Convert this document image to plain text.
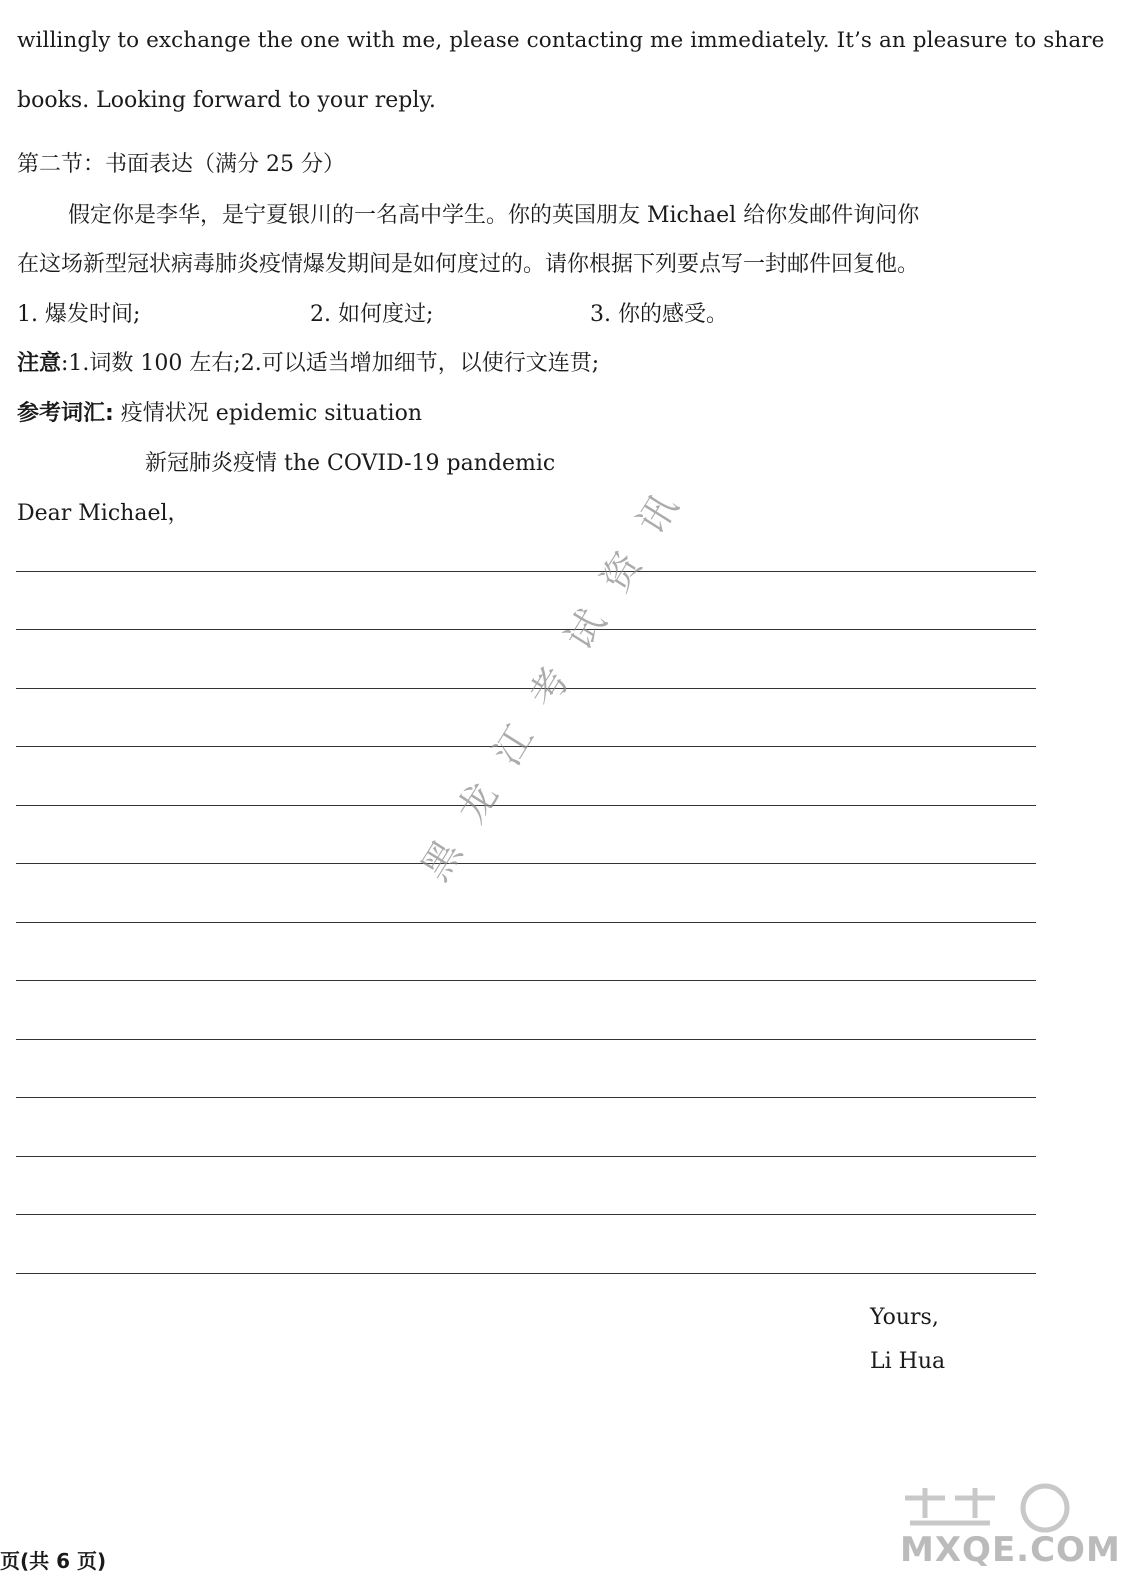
willingly to exchange the one with me, please contacting me immediately. It’s an pleasure to share
books. Looking forward to your reply.
第二节：书面表达（满分 25 分）
假定你是李华，是宁夏银川的一名高中学生。你的英国朋友 Michael 给你发邮件询问你
在这场新型冠状病毒肺炎疫情爆发期间是如何度过的。请你根据下列要点写一封邮件回复他。
1. 爆发时间;	2. 如何度过;	3. 你的感受。
注意:1.词数 100 左右;2.可以适当增加细节，以使行文连贯;
参考词汇: 疫情状况 epidemic situation
新冠肺炎疫情 the COVID-19 pandemic
Dear Michael，	黑龙江考试资讯
Yours,
Li Hua
MXQE.COM
页(共 6 页)
